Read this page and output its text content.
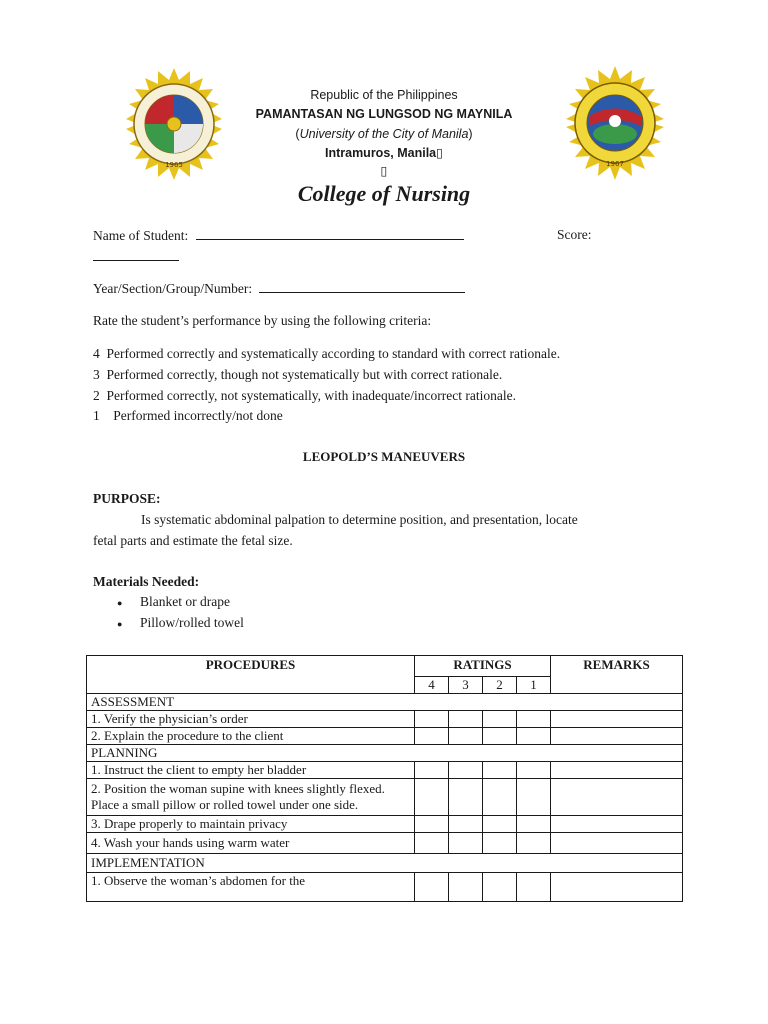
1965	1967
Republic of the Philippines
PAMANTASAN NG LUNGSOD NG MAYNILA
(University of the City of Manila)
Intramuros, Manila▯
▯
College of Nursing
Name of Student:	Score:
Year/Section/Group/Number:
Rate the student’s performance by using the following criteria:
4 Performed correctly and systematically according to standard with correct rationale.
3 Performed correctly, though not systematically but with correct rationale.
2 Performed correctly, not systematically, with inadequate/incorrect rationale.
1 Performed incorrectly/not done
LEOPOLD’S MANEUVERS
PURPOSE:
Is systematic abdominal palpation to determine position, and presentation, locate
fetal parts and estimate the fetal size.
Materials Needed:
● Blanket or drape
● Pillow/rolled towel
PROCEDURES	RATINGS				REMARKS
	4	3	2	1	
ASSESSMENT					
1. Verify the physician’s order					
2. Explain the procedure to the client					
PLANNING					
1. Instruct the client to empty her bladder					
2. Position the woman supine with knees slightly flexed. Place a small pillow or rolled towel under one side.					
3. Drape properly to maintain privacy					
4. Wash your hands using warm water					
IMPLEMENTATION					
1. Observe the woman’s abdomen for the					
